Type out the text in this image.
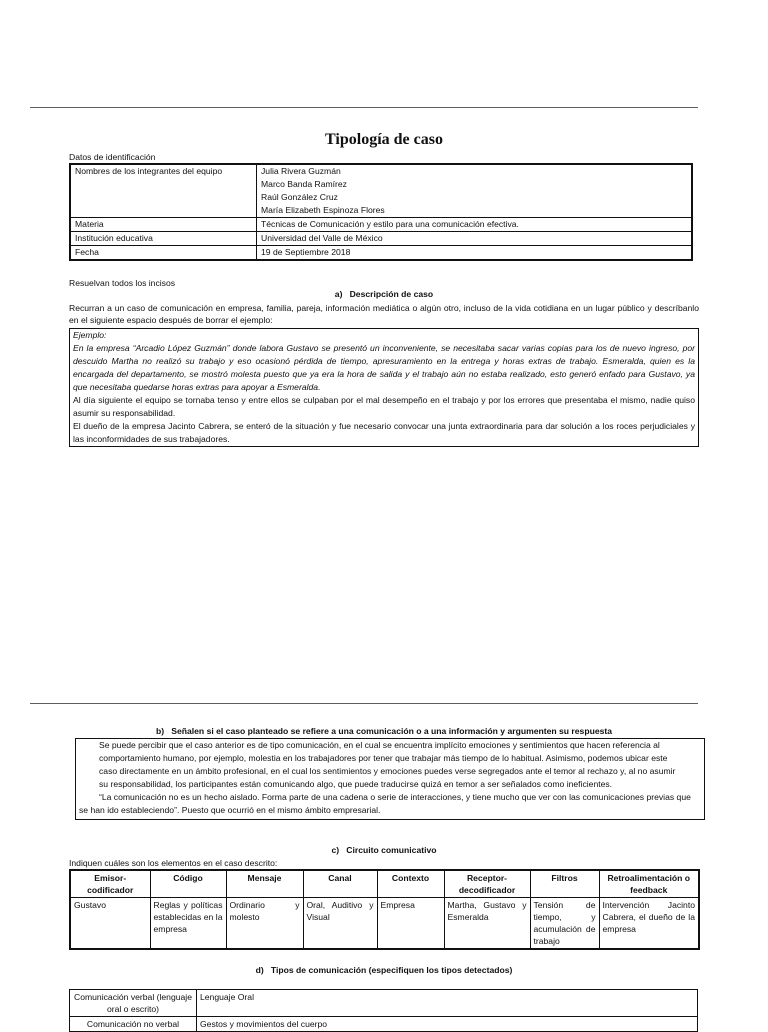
Tipología de caso
Datos de identificación
Nombres de los integrantes del equipo	Julia Rivera Guzmán
Marco Banda Ramírez
Raúl González Cruz
María Elizabeth Espinoza Flores

Materia	Técnicas de Comunicación y estilo para una comunicación efectiva.
Institución educativa	Universidad del Valle de México
Fecha	19 de Septiembre 2018
Resuelvan todos los incisos
a)   Descripción de caso
Recurran a un caso de comunicación en empresa, familia, pareja, información mediática o algún otro, incluso de la vida cotidiana en un lugar público y descríbanlo en el siguiente espacio después de borrar el ejemplo:

Ejemplo:

En la empresa “Arcadio López Guzmán” donde labora Gustavo se presentó un inconveniente, se necesitaba sacar varias copias para los de nuevo ingreso, por descuido Martha no realizó su trabajo y eso ocasionó pérdida de tiempo, apresuramiento en la entrega y horas extras de trabajo. Esmeralda, quien es la encargada del departamento, se mostró molesta puesto que ya era la hora de salida y el trabajo aún no estaba realizado, esto generó enfado para Gustavo, ya que necesitaba quedarse horas extras para apoyar a Esmeralda.

Al día siguiente el equipo se tornaba tenso y entre ellos se culpaban por el mal desempeño en el trabajo y por los errores que presentaba el mismo, nadie quiso asumir su responsabilidad.

El dueño de la empresa Jacinto Cabrera, se enteró de la situación y fue necesario convocar una junta extraordinaria para dar solución a los roces perjudiciales y las inconformidades de sus trabajadores.

b)   Señalen si el caso planteado se refiere a una comunicación o a una información y argumenten su respuesta

Se puede percibir que el caso anterior es de tipo comunicación, en el cual se encuentra implícito emociones y sentimientos que hacen referencia al comportamiento humano, por ejemplo, molestia en los trabajadores por tener que trabajar más tiempo de lo habitual. Asimismo, podemos ubicar este caso directamente en un ámbito profesional, en el cual los sentimientos y emociones puedes verse segregados ante el temor al rechazo y, al no asumir su responsabilidad, los participantes están comunicando algo, que puede traducirse quizá en temor a ser señalados como ineficientes.

“La comunicación no es un hecho aislado. Forma parte de una cadena o serie de interacciones, y tiene mucho que ver con las comunicaciones previas que se han ido estableciendo”. Puesto que ocurrió en el mismo ámbito empresarial.

c)   Circuito comunicativo
Indiquen cuáles son los elementos en el caso descrito:
Emisor-codificador	Código	Mensaje	Canal	Contexto	Receptor-decodificador	Filtros	Retroalimentación o feedback
Gustavo	Reglas y políticas establecidas en la empresa	Ordinario y molesto	Oral, Auditivo y Visual	Empresa	Martha, Gustavo y Esmeralda	Tensión de tiempo, y acumulación de trabajo	Intervención Jacinto Cabrera, el dueño de la empresa
d)   Tipos de comunicación (especifiquen los tipos detectados)
Comunicación verbal (lenguaje oral o escrito)	Lenguaje Oral
Comunicación no verbal	Gestos y movimientos del cuerpo
